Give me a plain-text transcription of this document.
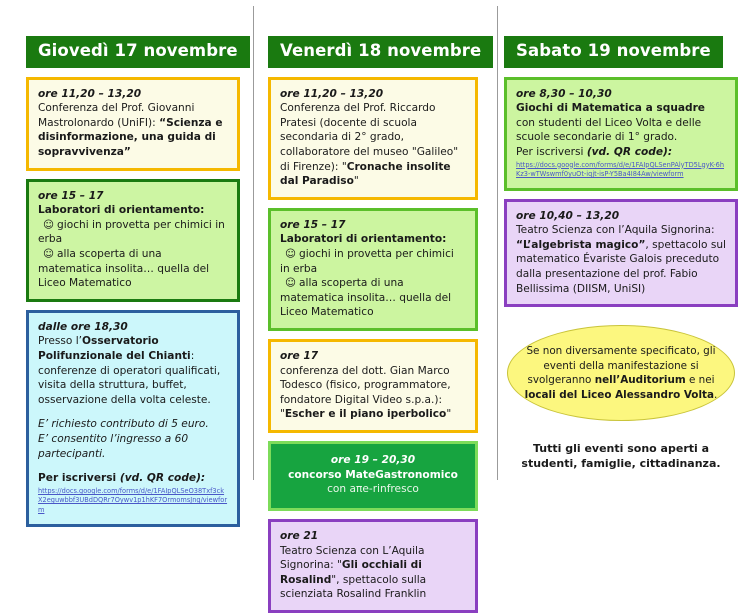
Giovedì 17 novembre
ore 11,20 – 13,20
Conferenza del Prof. Giovanni Mastrolonardo (UniFI): “Scienza e disinformazione, una guida di sopravvivenza”
ore 15 – 17
Laboratori di orientamento:
☺ giochi in provetta per chimici in erba
☺ alla scoperta di una matematica insolita… quella del Liceo Matematico
dalle ore 18,30
Presso l’Osservatorio Polifunzionale del Chianti:
conferenze di operatori qualificati, visita della struttura, buffet, osservazione della volta celeste.
E’ richiesto contributo di 5 euro.
E’ consentito l’ingresso a 60 partecipanti.
Per iscriversi (vd. QR code):
https://docs.google.com/forms/d/e/1FAIpQLSeO38Txf3ckX2eguwbbf3UBdDQRr7Oywv1p1hKF7OrmomsJng/viewform
Venerdì 18 novembre
ore 11,20 – 13,20
Conferenza del Prof. Riccardo Pratesi (docente di scuola secondaria di 2° grado, collaboratore del museo "Galileo" di Firenze): "Cronache insolite dal Paradiso"
ore 15 – 17
Laboratori di orientamento:
☺ giochi in provetta per chimici in erba
☺ alla scoperta di una matematica insolita… quella del Liceo Matematico
ore 17
conferenza del dott. Gian Marco Todesco (fisico, programmatore, fondatore Digital Video s.p.a.): "Escher e il piano iperbolico"
ore 19 – 20,30
concorso MateGastronomico
con aπe-rinfresco
ore 21
Teatro Scienza con L’Aquila Signorina: "Gli occhiali di Rosalind", spettacolo sulla scienziata Rosalind Franklin
Sabato 19 novembre
ore 8,30 – 10,30
Giochi di Matematica a squadre
con studenti del Liceo Volta e delle scuole secondarie di 1° grado.
Per iscriversi (vd. QR code):
https://docs.google.com/forms/d/e/1FAIpQLSenPAlyTD5LgyK-6hKz3-wTWswmf0yuOt-iqjt-isP-Y5Ba4I84Aw/viewform
ore 10,40 – 13,20
Teatro Scienza con l’Aquila Signorina: “L’algebrista magico”, spettacolo sul matematico Évariste Galois preceduto dalla presentazione del prof. Fabio Bellissima (DIISM, UniSI)
Se non diversamente specificato, gli eventi della manifestazione si svolgeranno nell’Auditorium e nei locali del Liceo Alessandro Volta.
Tutti gli eventi sono aperti a studenti, famiglie, cittadinanza.
